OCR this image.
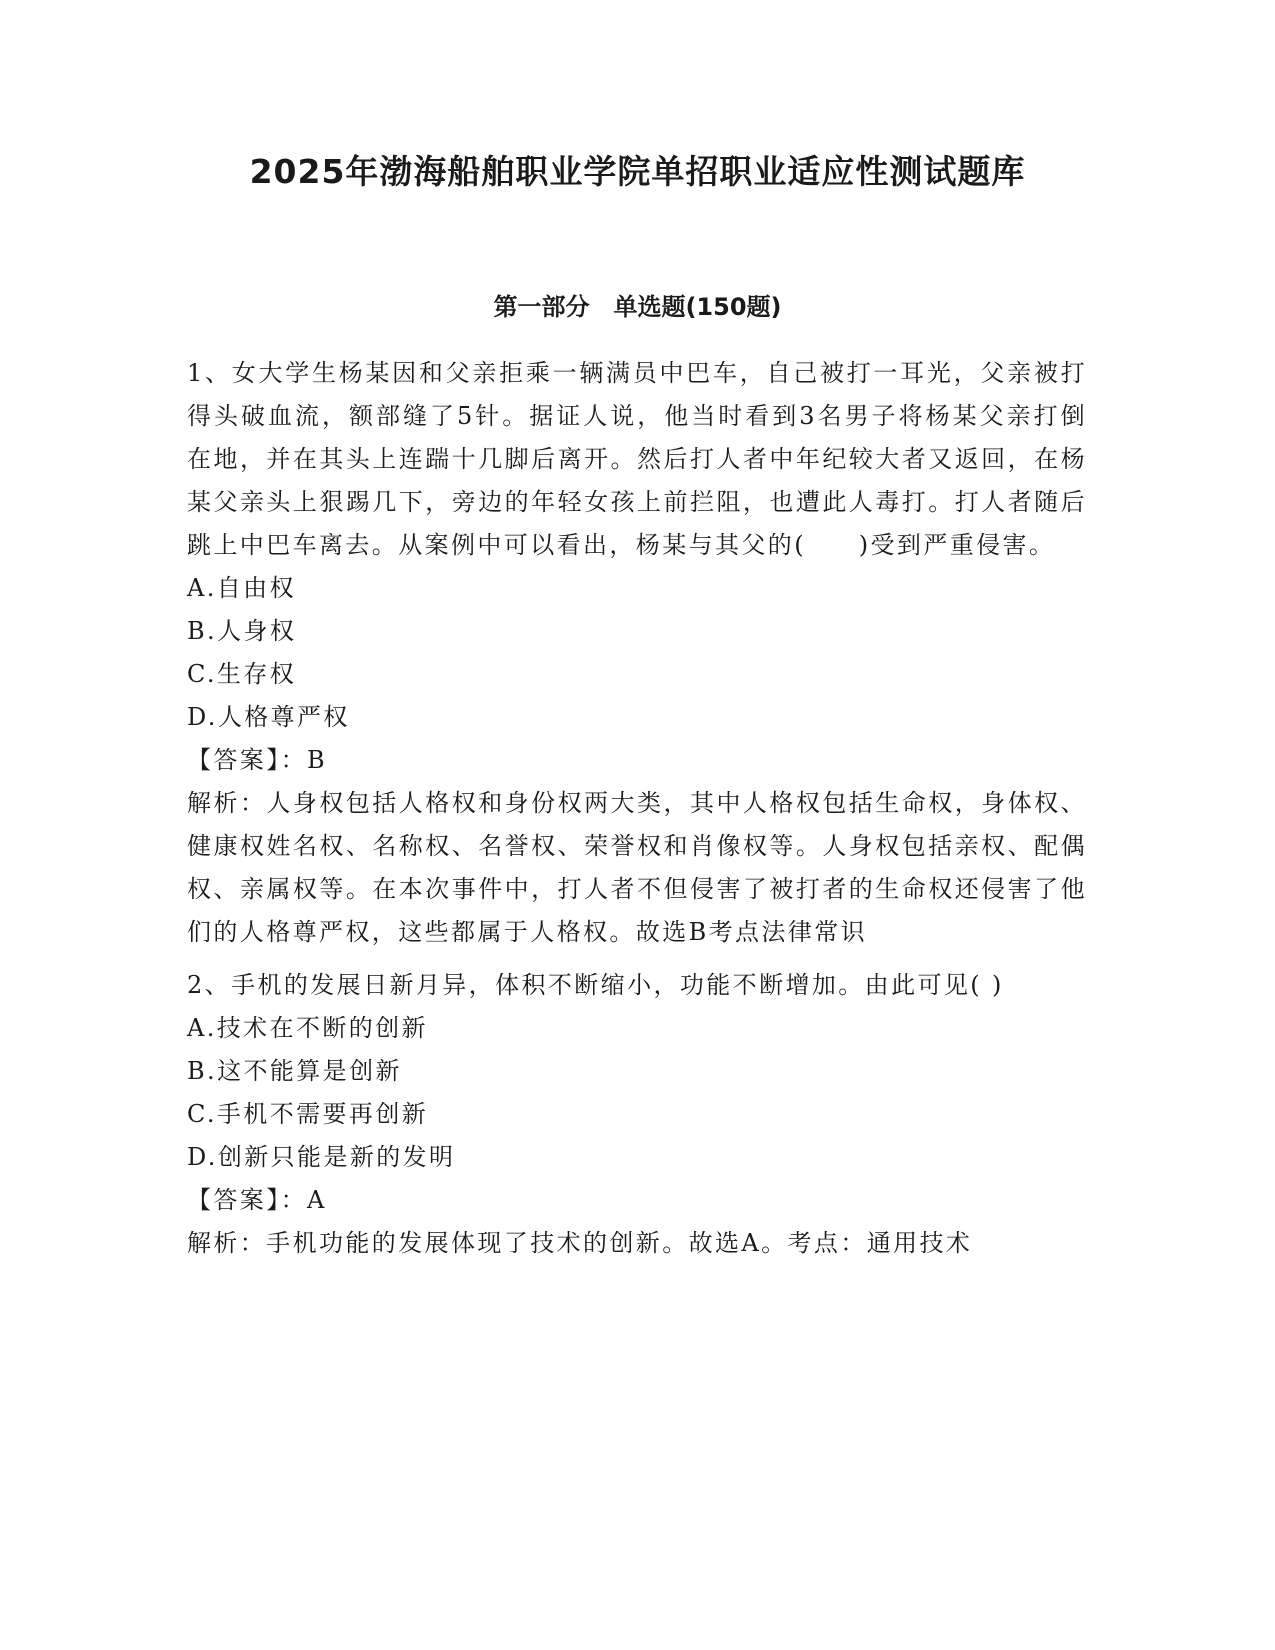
2025年渤海船舶职业学院单招职业适应性测试题库
第一部分　单选题(150题)

1、女大学生杨某因和父亲拒乘一辆满员中巴车，自己被打一耳光，父亲被打得头破血流，额部缝了5针。据证人说，他当时看到3名男子将杨某父亲打倒在地，并在其头上连踹十几脚后离开。然后打人者中年纪较大者又返回，在杨某父亲头上狠踢几下，旁边的年轻女孩上前拦阻，也遭此人毒打。打人者随后跳上中巴车离去。从案例中可以看出，杨某与其父的(　　)受到严重侵害。

A.自由权

B.人身权

C.生存权

D.人格尊严权

【答案】：B

解析：人身权包括人格权和身份权两大类，其中人格权包括生命权，身体权、健康权姓名权、名称权、名誉权、荣誉权和肖像权等。人身权包括亲权、配偶权、亲属权等。在本次事件中，打人者不但侵害了被打者的生命权还侵害了他们的人格尊严权，这些都属于人格权。故选B考点法律常识

2、手机的发展日新月异，体积不断缩小，功能不断增加。由此可见( )

A.技术在不断的创新

B.这不能算是创新

C.手机不需要再创新

D.创新只能是新的发明

【答案】：A

解析：手机功能的发展体现了技术的创新。故选A。考点：通用技术
